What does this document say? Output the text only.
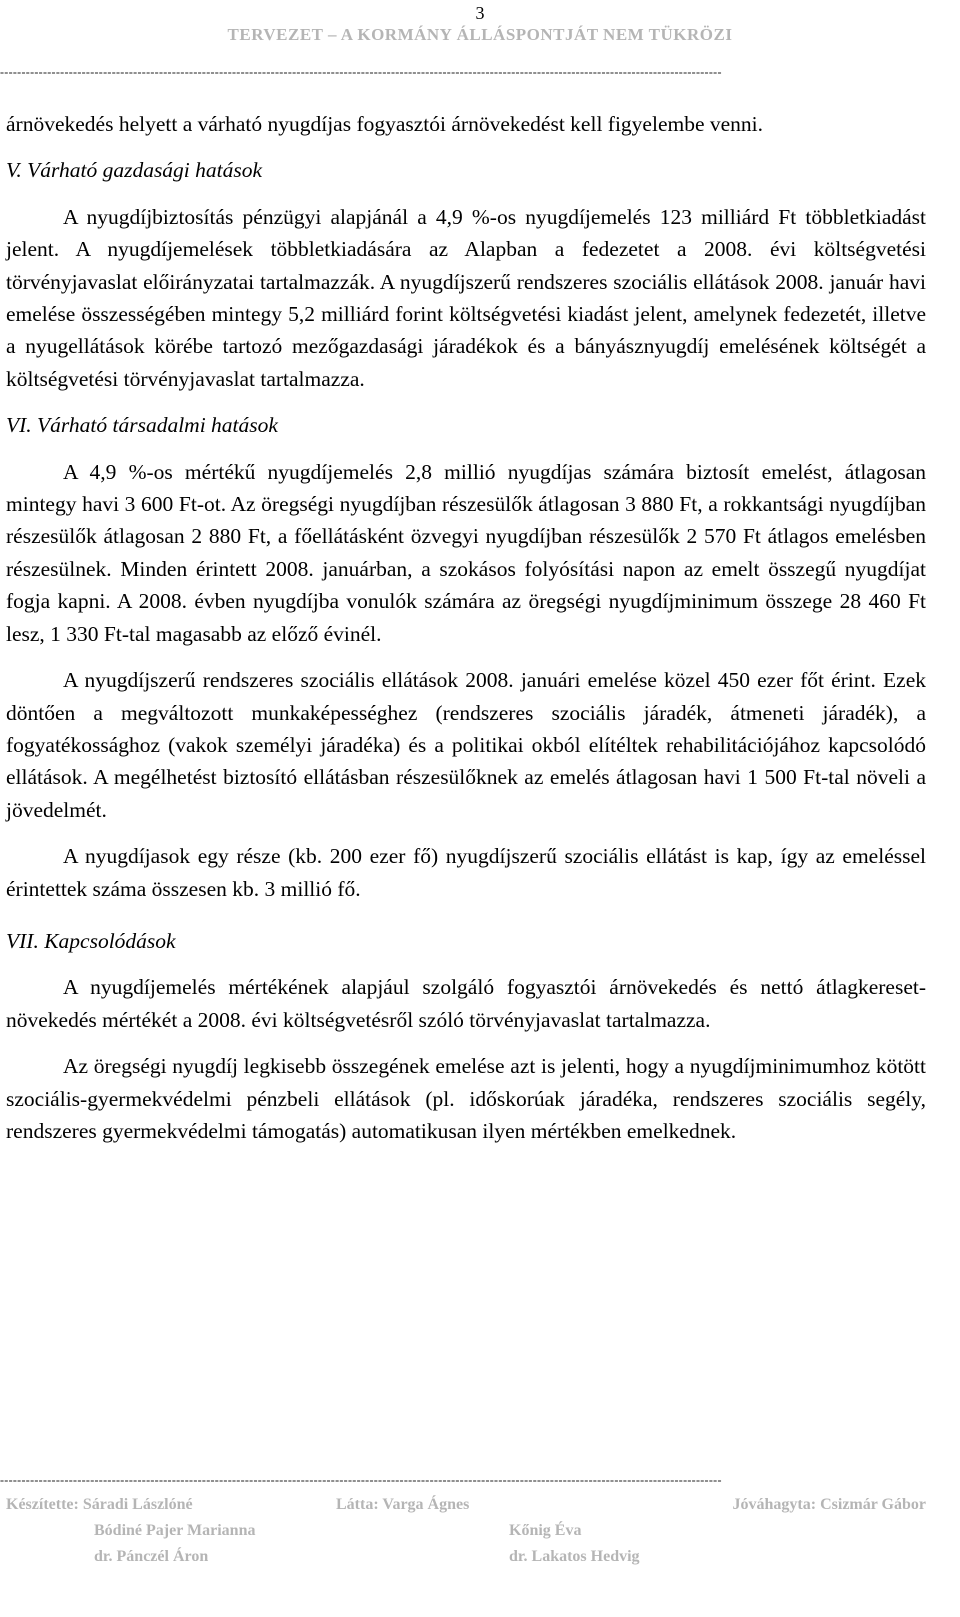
3
TERVEZET – A KORMÁNY ÁLLÁSPONTJÁT NEM TÜKRÖZI
------------------------------------------------------------------------------------------------------------------------------------------------------------------------

árnövekedés helyett a várható nyugdíjas fogyasztói árnövekedést kell figyelembe venni.

V. Várható gazdasági hatások

A nyugdíjbiztosítás pénzügyi alapjánál a 4,9 %-os nyugdíjemelés 123 milliárd Ft többletkiadást jelent. A nyugdíjemelések többletkiadására az Alapban a fedezetet a 2008. évi költségvetési törvényjavaslat előirányzatai tartalmazzák. A nyugdíjszerű rendszeres szociális ellátások 2008. január havi emelése összességében mintegy 5,2 milliárd forint költségvetési kiadást jelent, amelynek fedezetét, illetve a nyugellátások körébe tartozó mezőgazdasági járadékok és a bányásznyugdíj emelésének költségét a költségvetési törvényjavaslat tartalmazza.

VI. Várható társadalmi hatások

A 4,9 %-os mértékű nyugdíjemelés 2,8 millió nyugdíjas számára biztosít emelést, átlagosan mintegy havi 3 600 Ft-ot. Az öregségi nyugdíjban részesülők átlagosan 3 880 Ft, a rokkantsági nyugdíjban részesülők átlagosan 2 880 Ft, a főellátásként özvegyi nyugdíjban részesülők 2 570 Ft átlagos emelésben részesülnek. Minden érintett 2008. januárban, a szokásos folyósítási napon az emelt összegű nyugdíjat fogja kapni. A 2008. évben nyugdíjba vonulók számára az öregségi nyugdíjminimum összege 28 460 Ft lesz, 1 330 Ft-tal magasabb az előző évinél.

A nyugdíjszerű rendszeres szociális ellátások 2008. januári emelése közel 450 ezer főt érint. Ezek döntően a megváltozott munkaképességhez (rendszeres szociális járadék, átmeneti járadék), a fogyatékossághoz (vakok személyi járadéka) és a politikai okból elítéltek rehabilitációjához kapcsolódó ellátások. A megélhetést biztosító ellátásban részesülőknek az emelés átlagosan havi 1 500 Ft-tal növeli a jövedelmét.

A nyugdíjasok egy része (kb. 200 ezer fő) nyugdíjszerű szociális ellátást is kap, így az emeléssel érintettek száma összesen kb. 3 millió fő.

VII. Kapcsolódások

A nyugdíjemelés mértékének alapjául szolgáló fogyasztói árnövekedés és nettó átlagkereset-növekedés mértékét a 2008. évi költségvetésről szóló törvényjavaslat tartalmazza.

Az öregségi nyugdíj legkisebb összegének emelése azt is jelenti, hogy a nyugdíjminimumhoz kötött szociális-gyermekvédelmi pénzbeli ellátások (pl. időskorúak járadéka, rendszeres szociális segély, rendszeres gyermekvédelmi támogatás) automatikusan ilyen mértékben emelkednek.

------------------------------------------------------------------------------------------------------------------------------------------------------------------------
Készítette: Sáradi Lászlóné	Látta: Varga Ágnes	Jóváhagyta: Csizmár Gábor
Bódiné Pajer Marianna	Kőnig Éva
dr. Pánczél Áron	dr. Lakatos Hedvig
